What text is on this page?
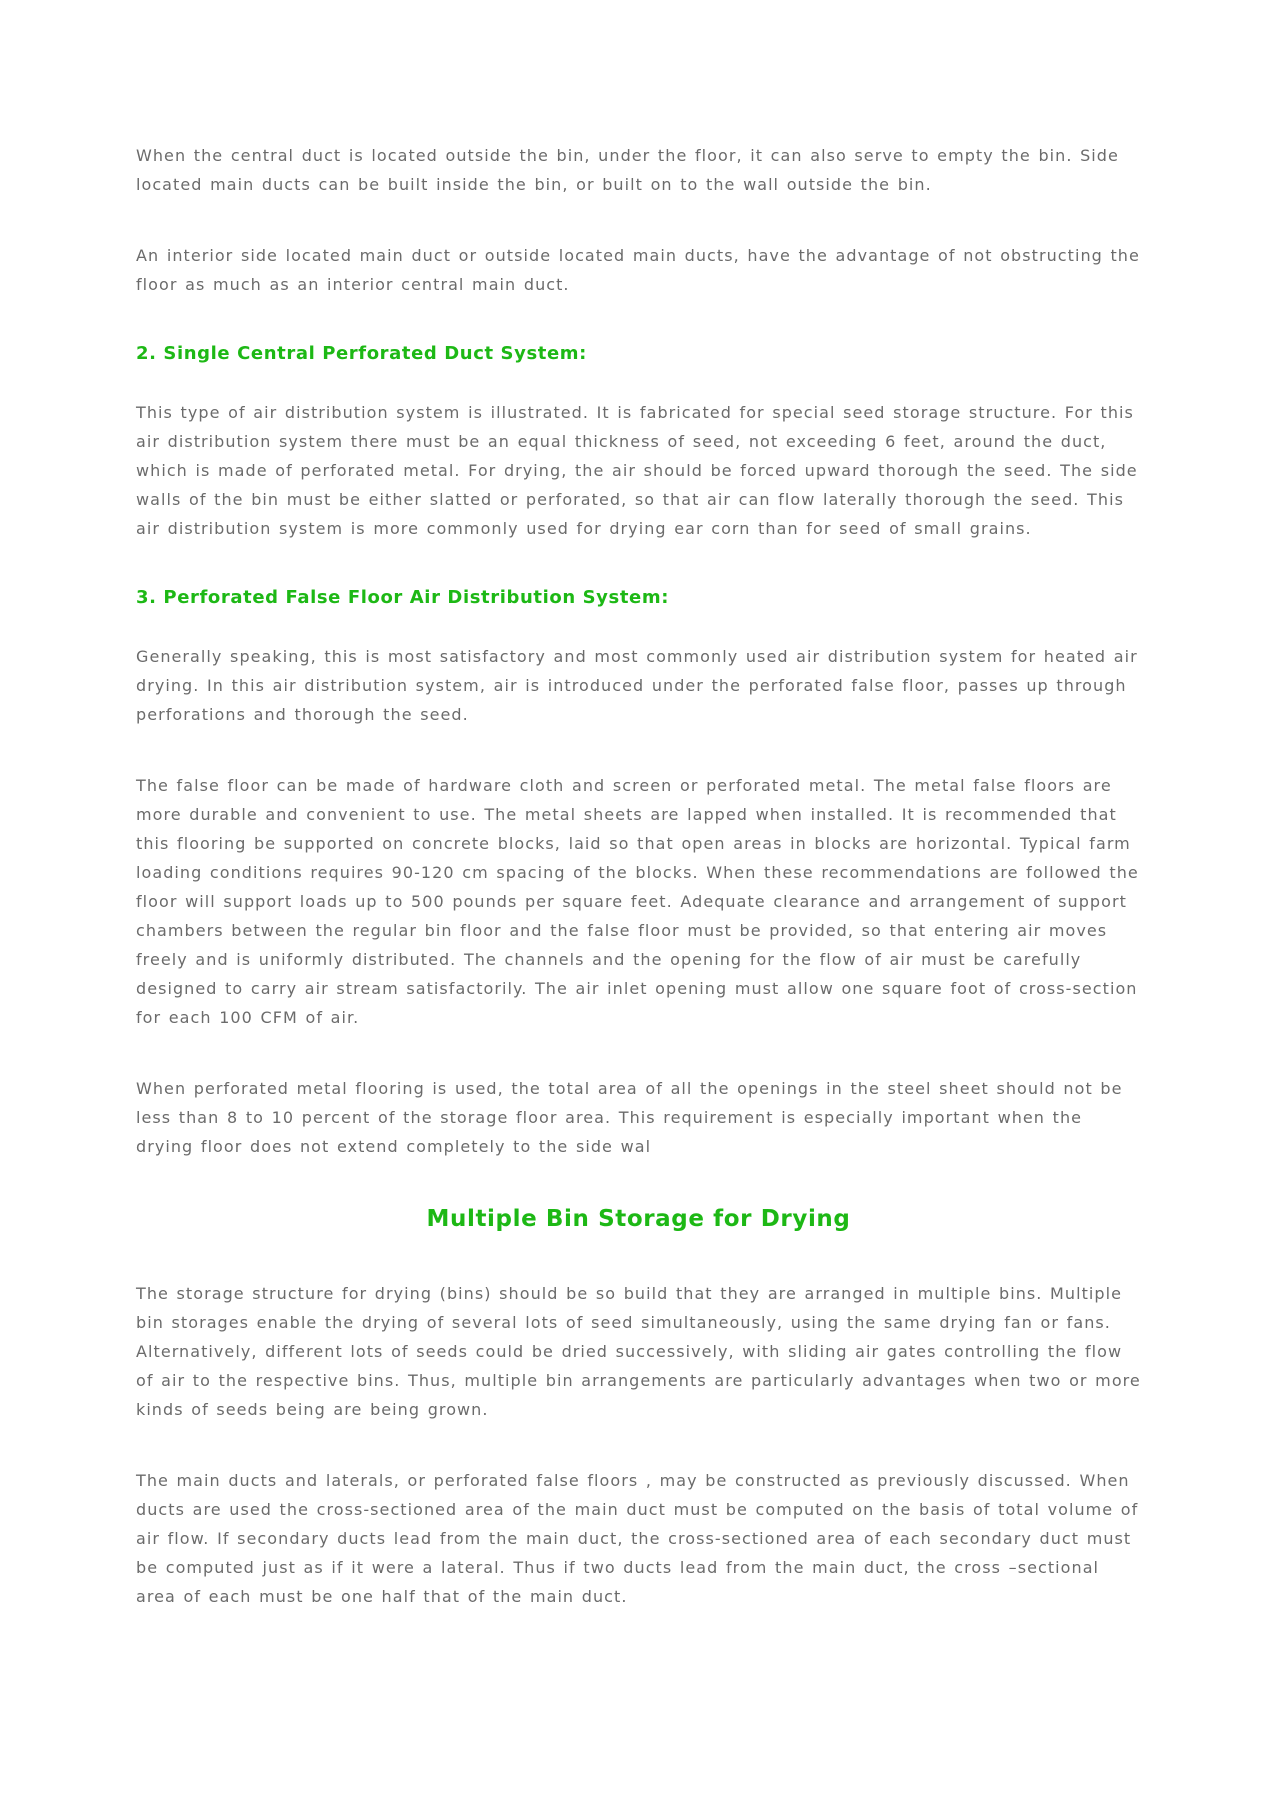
When the central duct is located outside the bin, under the floor, it can also serve to empty the bin. Side located main ducts can be built inside the bin, or built on to the wall outside the bin.

An interior side located main duct or outside located main ducts, have the advantage of not obstructing the floor as much as an interior central main duct.

2. Single Central Perforated Duct System:

This type of air distribution system is illustrated. It is fabricated for special seed storage structure. For this air distribution system there must be an equal thickness of seed, not exceeding 6 feet, around the duct, which is made of perforated metal. For drying, the air should be forced upward thorough the seed. The side walls of the bin must be either slatted or perforated, so that air can flow laterally thorough the seed. This air distribution system is more commonly used for drying ear corn than for seed of small grains.

3. Perforated False Floor Air Distribution System:

Generally speaking, this is most satisfactory and most commonly used air distribution system for heated air drying. In this air distribution system, air is introduced under the perforated false floor, passes up through perforations and thorough the seed.

The false floor can be made of hardware cloth and screen or perforated metal. The metal false floors are more durable and convenient to use. The metal sheets are lapped when installed. It is recommended that this flooring be supported on concrete blocks, laid so that open areas in blocks are horizontal. Typical farm loading conditions requires 90-120 cm spacing of the blocks. When these recommendations are followed the floor will support loads up to 500 pounds per square feet. Adequate clearance and arrangement of support chambers between the regular bin floor and the false floor must be provided, so that entering air moves freely and is uniformly distributed. The channels and the opening for the flow of air must be carefully designed to carry air stream satisfactorily. The air inlet opening must allow one square foot of cross-section for each 100 CFM of air.

When perforated metal flooring is used, the total area of all the openings in the steel sheet should not be less than 8 to 10 percent of the storage floor area. This requirement is especially important when the drying floor does not extend completely to the side wal

Multiple Bin Storage for Drying

The storage structure for drying (bins) should be so build that they are arranged in multiple bins. Multiple bin storages enable the drying of several lots of seed simultaneously, using the same drying fan or fans. Alternatively, different lots of seeds could be dried successively, with sliding air gates controlling the flow of air to the respective bins. Thus, multiple bin arrangements are particularly advantages when two or more kinds of seeds being are being grown.

The main ducts and laterals, or perforated false floors , may be constructed as previously discussed. When ducts are used the cross-sectioned area of the main duct must be computed on the basis of total volume of air flow. If secondary ducts lead from the main duct, the cross-sectioned area of each secondary duct must be computed just as if it were a lateral. Thus if two ducts lead from the main duct, the cross –sectional area of each must be one half that of the main duct.
